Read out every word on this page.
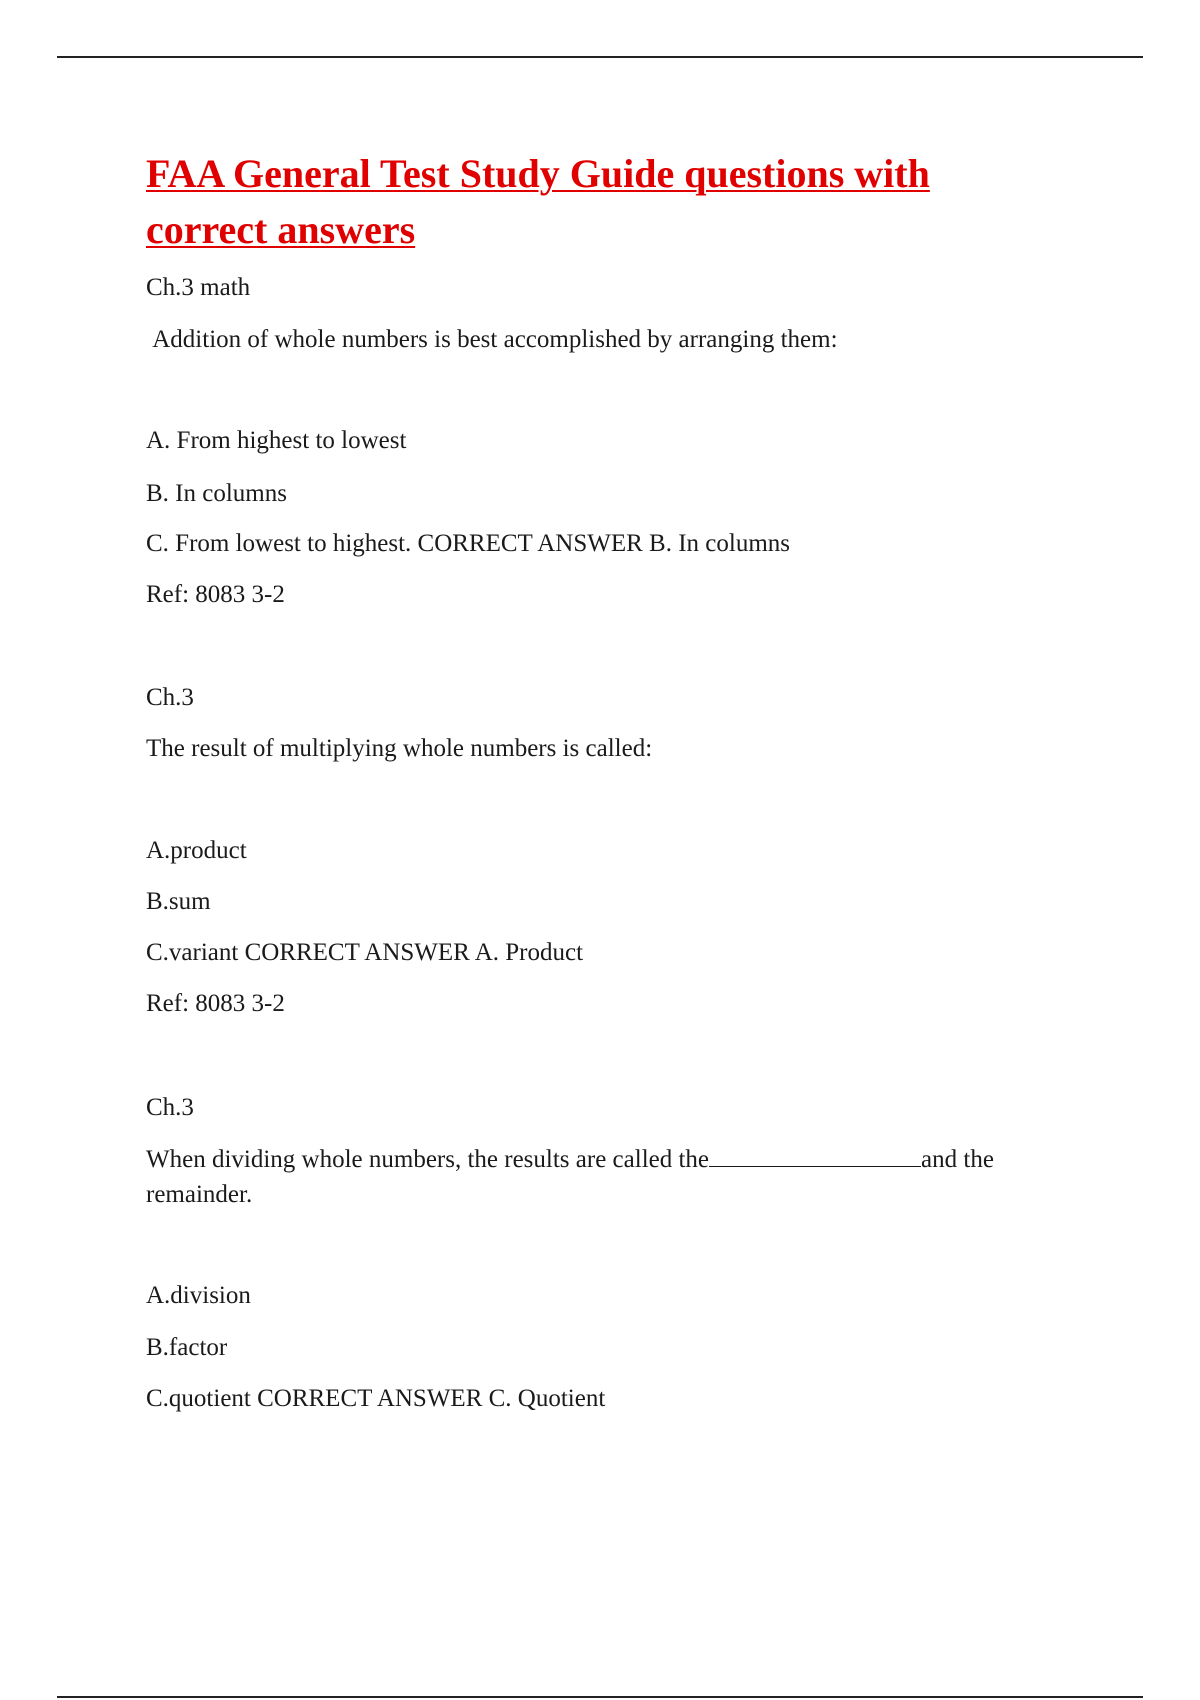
FAA General Test Study Guide questions with
correct answers
Ch.3 math
Addition of whole numbers is best accomplished by arranging them:
A. From highest to lowest
B. In columns
C. From lowest to highest. CORRECT ANSWER B. In columns
Ref: 8083 3-2
Ch.3
The result of multiplying whole numbers is called:
A.product
B.sum
C.variant CORRECT ANSWER A. Product
Ref: 8083 3-2
Ch.3
When dividing whole numbers, the results are called the	and the
remainder.
A.division
B.factor
C.quotient CORRECT ANSWER C. Quotient
